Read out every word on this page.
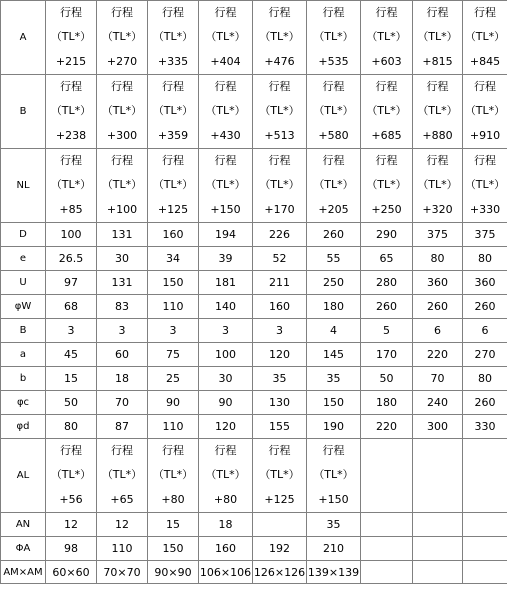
A	行程
（TL*）
+215	行程
（TL*）
+270	行程
（TL*）
+335	行程
（TL*）
+404	行程
（TL*）
+476	行程
（TL*）
+535	行程
（TL*）
+603	行程
（TL*）
+815	行程
（TL*）
+845

B	行程
（TL*）
+238	行程
（TL*）
+300	行程
（TL*）
+359	行程
（TL*）
+430	行程
（TL*）
+513	行程
（TL*）
+580	行程
（TL*）
+685	行程
（TL*）
+880	行程
（TL*）
+910

NL	行程
（TL*）
+85	行程
（TL*）
+100	行程
（TL*）
+125	行程
（TL*）
+150	行程
（TL*）
+170	行程
（TL*）
+205	行程
（TL*）
+250	行程
（TL*）
+320	行程
（TL*）
+330

D	100	131	160	194	226	260	290	375	375
e	26.5	30	34	39	52	55	65	80	80
U	97	131	150	181	211	250	280	360	360
φW	68	83	110	140	160	180	260	260	260
B	3	3	3	3	3	4	5	6	6
a	45	60	75	100	120	145	170	220	270
b	15	18	25	30	35	35	50	70	80
φc	50	70	90	90	130	150	180	240	260
φd	80	87	110	120	155	190	220	300	330
AL	行程
（TL*）
+56	行程
（TL*）
+65	行程
（TL*）
+80	行程
（TL*）
+80	行程
（TL*）
+125	行程
（TL*）
+150			

AN	12	12	15	18		35			
ΦA	98	110	150	160	192	210			
AM×AM	60×60	70×70	90×90	106×106	126×126	139×139			
